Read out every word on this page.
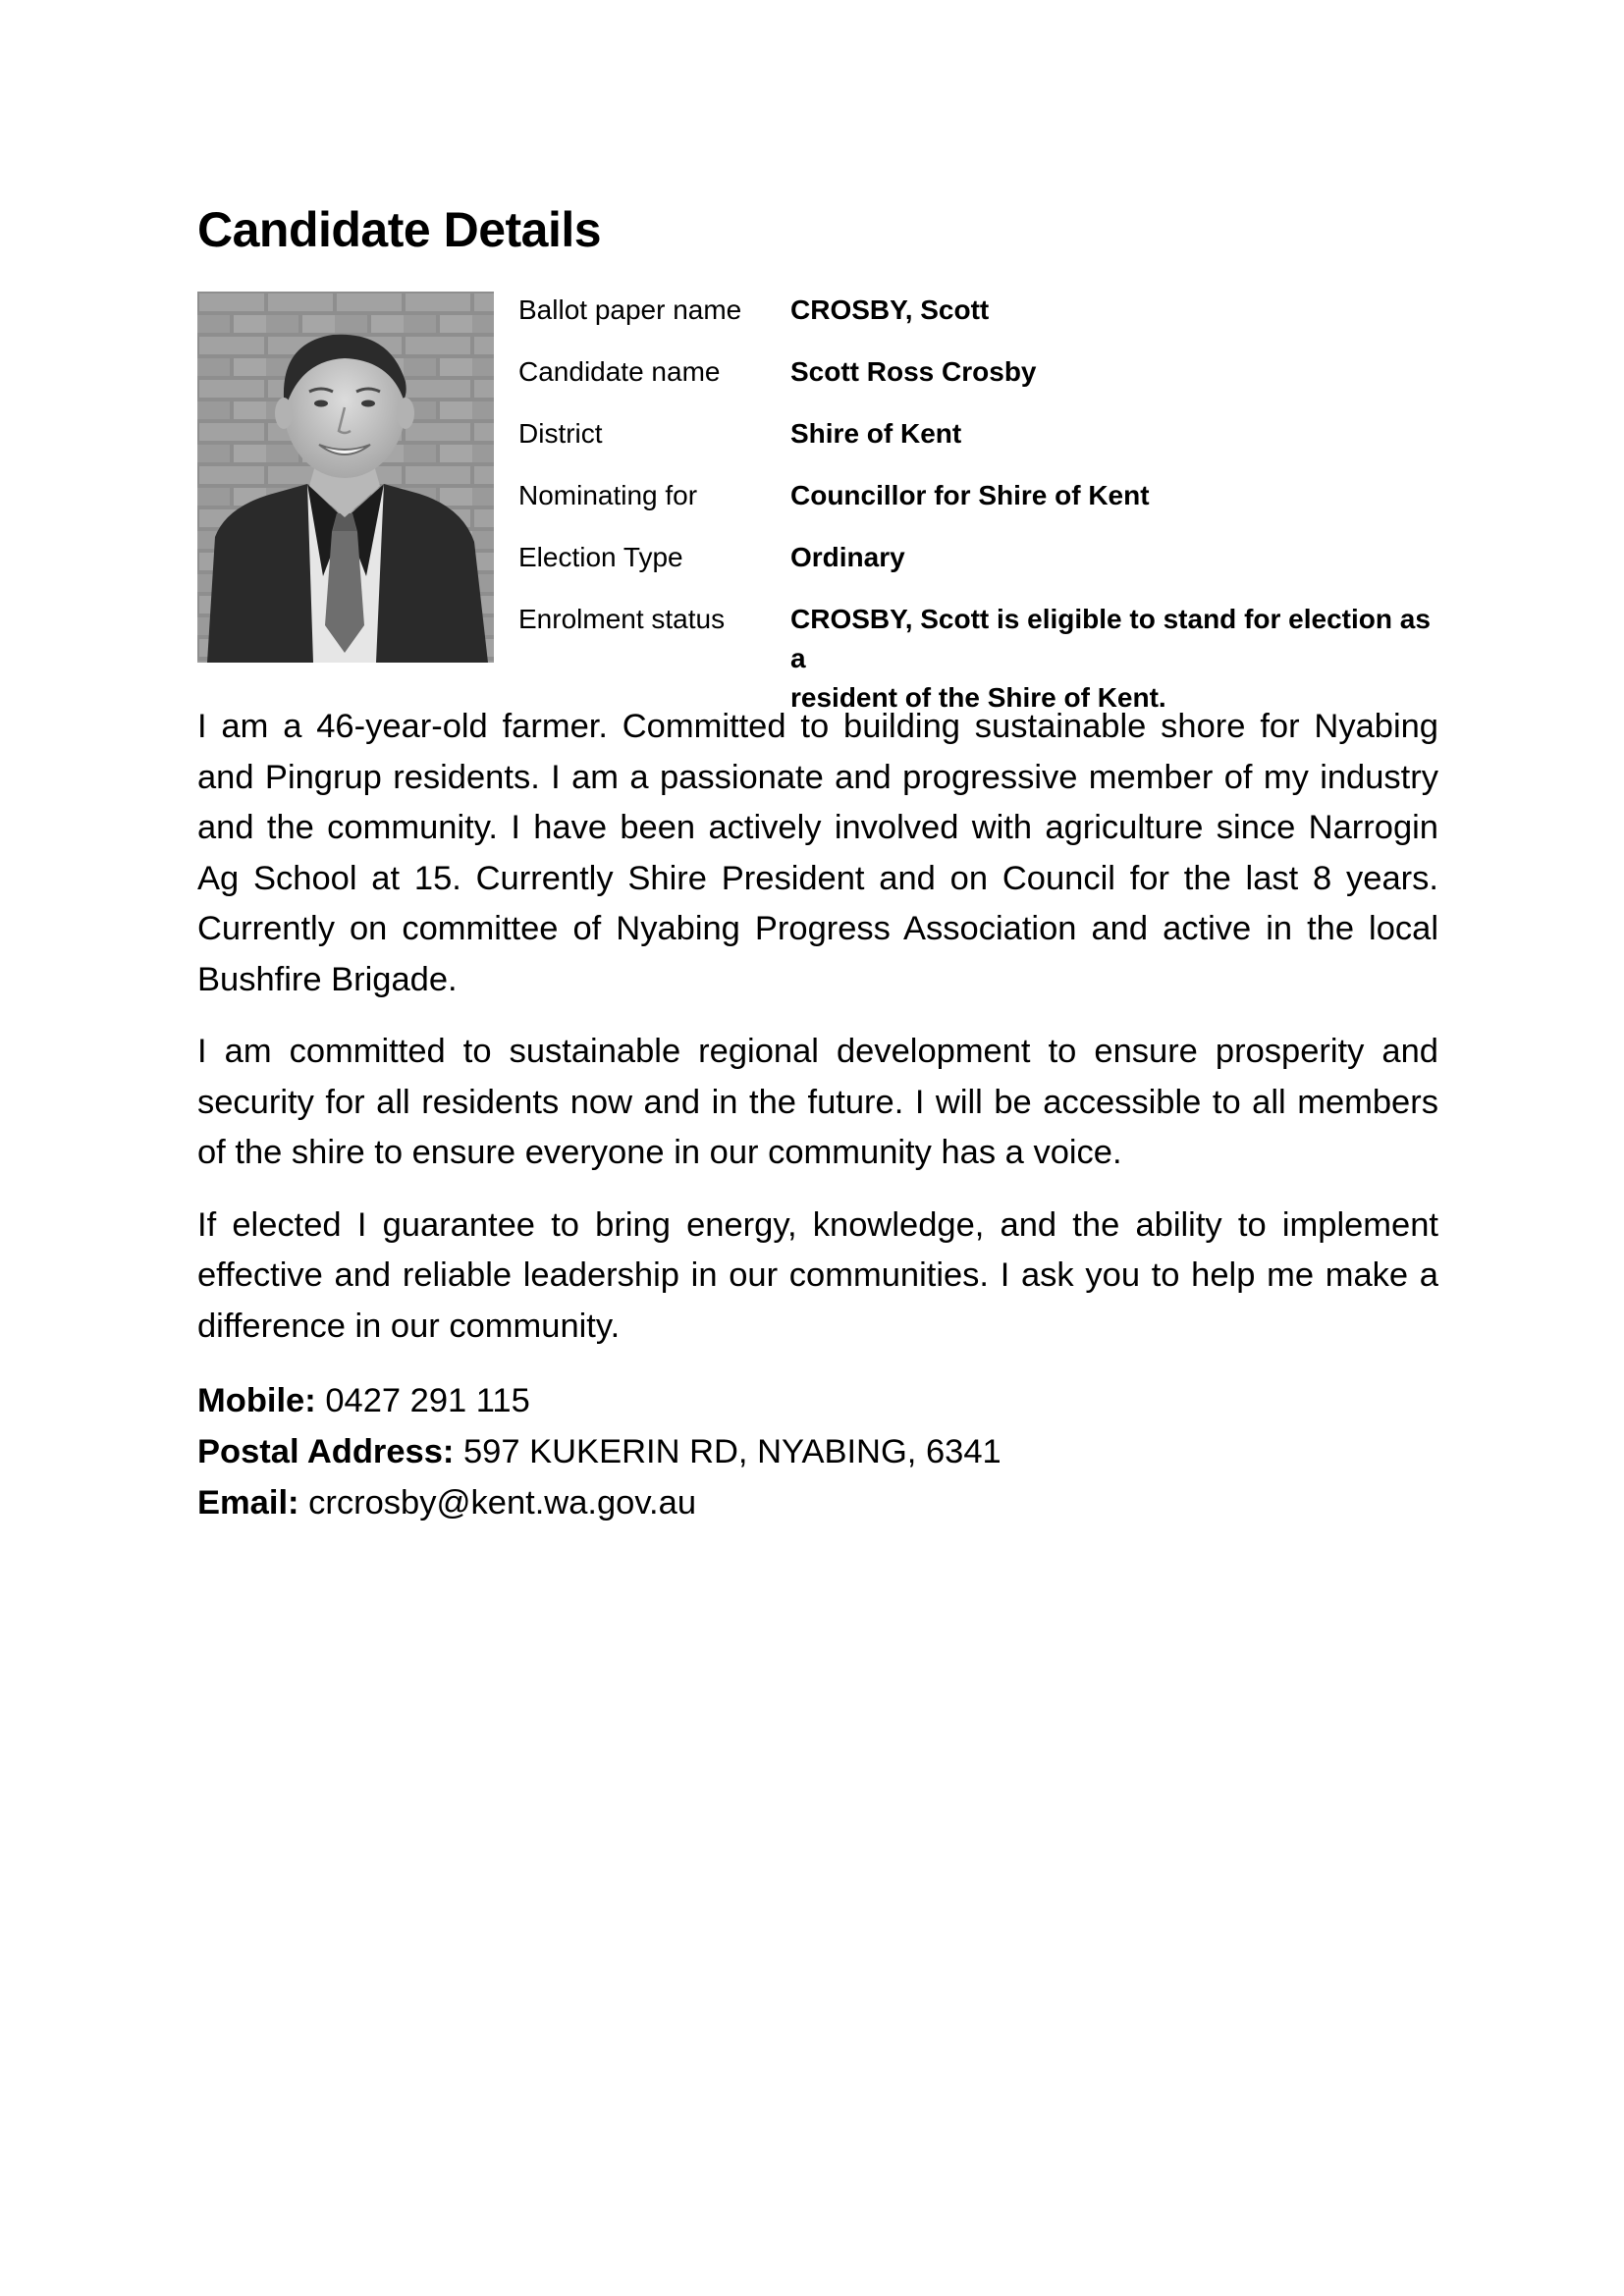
Candidate Details
Ballot paper name CROSBY, Scott
Candidate name	Scott Ross Crosby
District	Shire of Kent
Nominating for	Councillor for Shire of Kent
Election Type	Ordinary
Enrolment status CROSBY, Scott is eligible to stand for election as a
resident of the Shire of Kent.

I am a 46-year-old farmer. Committed to building sustainable shore for Nyabing and Pingrup residents. I am a passionate and progressive member of my industry and the community. I have been actively involved with agriculture since Narrogin Ag School at 15. Currently Shire President and on Council for the last 8 years. Currently on committee of Nyabing Progress Association and active in the local Bushfire Brigade.

I am committed to sustainable regional development to ensure prosperity and security for all residents now and in the future. I will be accessible to all members of the shire to ensure everyone in our community has a voice.

If elected I guarantee to bring energy, knowledge, and the ability to implement effective and reliable leadership in our communities. I ask you to help me make a difference in our community.

Mobile: 0427 291 115
Postal Address: 597 KUKERIN RD, NYABING, 6341
Email: crcrosby@kent.wa.gov.au
